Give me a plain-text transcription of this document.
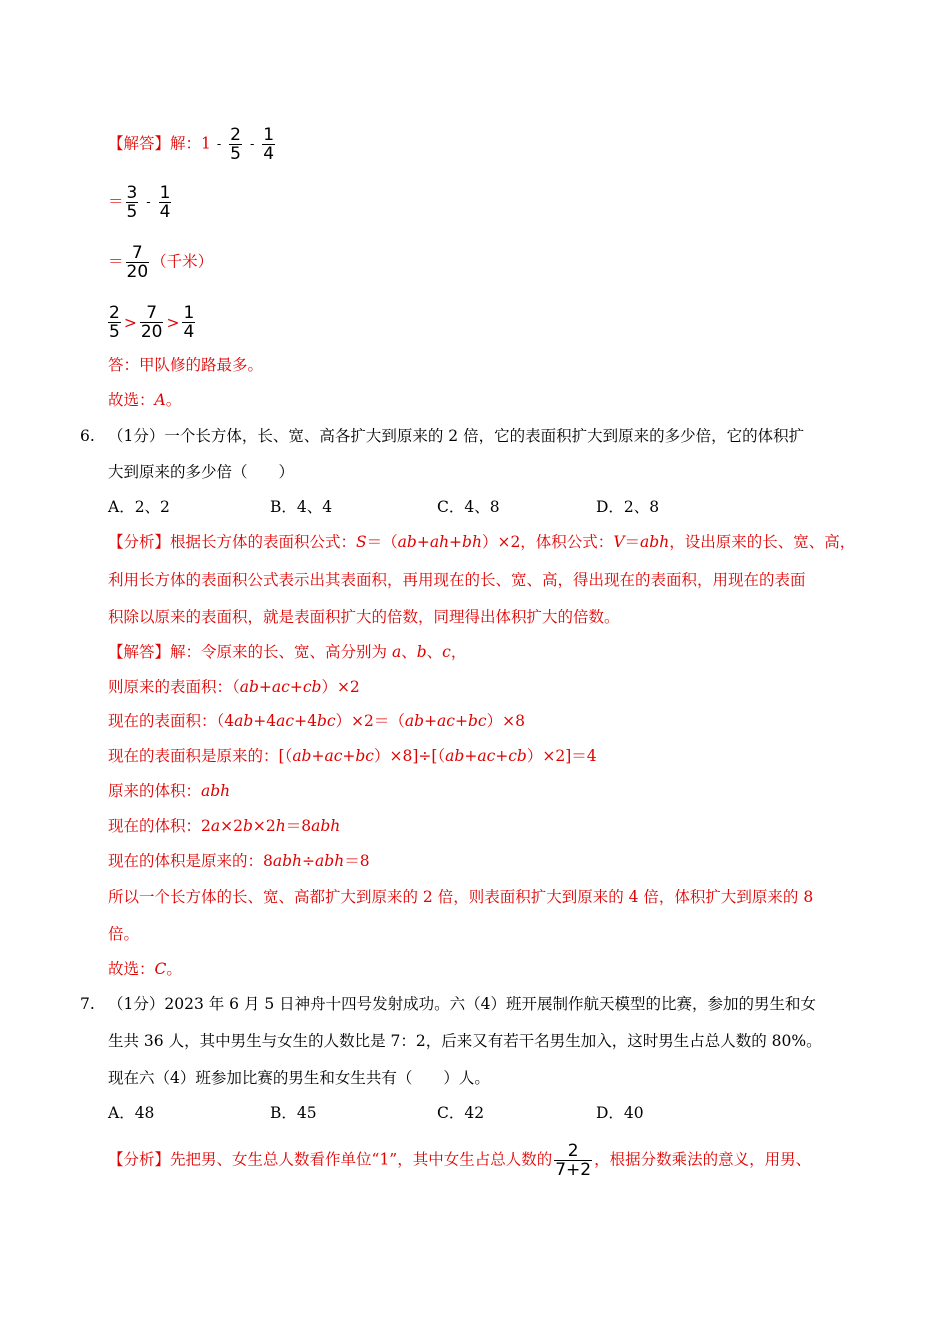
【解答】解：$1 - \frac{2}{5} - \frac{1}{4}$
＝ $\frac{3}{5} - \frac{1}{4}$
＝ $\frac{7}{20}$ （千米）
$\frac{2}{5} > \frac{7}{20} > \frac{1}{4}$
答：甲队修的路最多。
故选：A。
6. （1分）一个长方体，长、宽、高各扩大到原来的 2 倍，它的表面积扩大到原来的多少倍，它的体积扩
大到原来的多少倍（　　）
A．2、2	B．4、4	C．4、8	D．2、8
【分析】根据长方体的表面积公式：S＝（ab+ah+bh）×2，体积公式：V＝abh，设出原来的长、宽、高，
利用长方体的表面积公式表示出其表面积，再用现在的长、宽、高，得出现在的表面积，用现在的表面
积除以原来的表面积，就是表面积扩大的倍数，同理得出体积扩大的倍数。
【解答】解：令原来的长、宽、高分别为 a、b、c，
则原来的表面积：（ab+ac+cb）×2
现在的表面积：（4ab+4ac+4bc）×2＝（ab+ac+bc）×8
现在的表面积是原来的：[（ab+ac+bc）×8]÷[（ab+ac+cb）×2]＝4
原来的体积：abh
现在的体积：2a×2b×2h＝8abh
现在的体积是原来的：8abh÷abh＝8
所以一个长方体的长、宽、高都扩大到原来的 2 倍，则表面积扩大到原来的 4 倍，体积扩大到原来的 8
倍。
故选：C。
7. （1分）2023 年 6 月 5 日神舟十四号发射成功。六（4）班开展制作航天模型的比赛，参加的男生和女
生共 36 人，其中男生与女生的人数比是 7：2，后来又有若干名男生加入，这时男生占总人数的 80%。
现在六（4）班参加比赛的男生和女生共有（　　）人。
A．48	B．45	C．42	D．40
【分析】先把男、女生总人数看作单位“1”，其中女生占总人数的 $\frac{2}{7+2}$ ，根据分数乘法的意义，用男、
